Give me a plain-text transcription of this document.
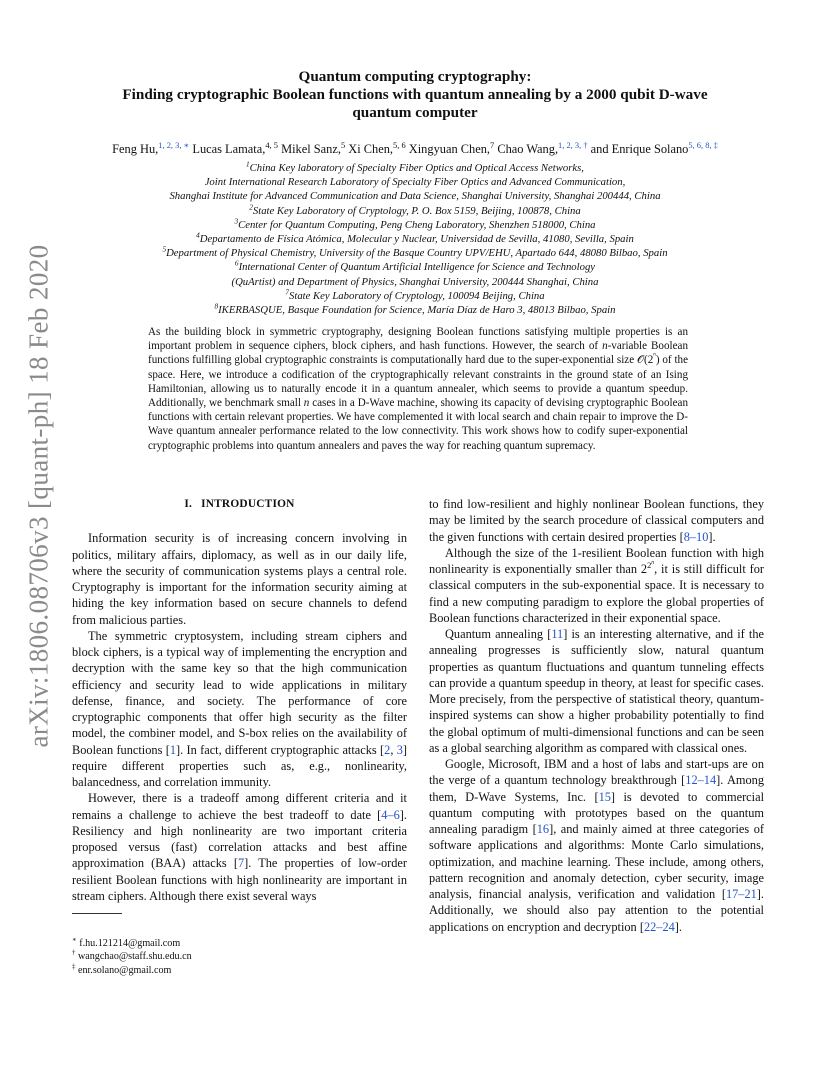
arXiv:1806.08706v3 [quant-ph] 18 Feb 2020
Quantum computing cryptography:
Finding cryptographic Boolean functions with quantum annealing by a 2000 qubit D-wave
quantum computer
Feng Hu,$^{1, 2, 3, ∗}$ Lucas Lamata,$^{4, 5}$ Mikel Sanz,$^5$ Xi Chen,$^{5, 6}$ Xingyuan Chen,$^7$ Chao Wang,$^{1, 2, 3, \dagger}$ and Enrique Solano$^{5, 6, 8, \ddagger}$
$^1$China Key laboratory of Specialty Fiber Optics and Optical Access Networks,
Joint International Research Laboratory of Specialty Fiber Optics and Advanced Communication,
Shanghai Institute for Advanced Communication and Data Science, Shanghai University, Shanghai 200444, China
$^2$State Key Laboratory of Cryptology, P. O. Box 5159, Beijing, 100878, China
$^3$Center for Quantum Computing, Peng Cheng Laboratory, Shenzhen 518000, China
$^4$Departamento de Física Atómica, Molecular y Nuclear, Universidad de Sevilla, 41080, Sevilla, Spain
$^5$Department of Physical Chemistry, University of the Basque Country UPV/EHU, Apartado 644, 48080 Bilbao, Spain
$^6$International Center of Quantum Artificial Intelligence for Science and Technology
(QuArtist) and Department of Physics, Shanghai University, 200444 Shanghai, China
$^7$State Key Laboratory of Cryptology, 100094 Beijing, China
$^8$IKERBASQUE, Basque Foundation for Science, María Díaz de Haro 3, 48013 Bilbao, Spain
As the building block in symmetric cryptography, designing Boolean functions satisfying multiple properties is an important problem in sequence ciphers, block ciphers, and hash functions. However, the search of n-variable Boolean functions fulfilling global cryptographic constraints is computationally hard due to the super-exponential size 𝒪(2$^{^n}$) of the space. Here, we introduce a codification of the cryptographically relevant constraints in the ground state of an Ising Hamiltonian, allowing us to naturally encode it in a quantum annealer, which seems to provide a quantum speedup. Additionally, we benchmark small n cases in a D-Wave machine, showing its capacity of devising cryptographic Boolean functions with certain relevant properties. We have complemented it with local search and chain repair to improve the D-Wave quantum annealer performance related to the low connectivity. This work shows how to codify super-exponential cryptographic problems into quantum annealers and paves the way for reaching quantum supremacy.
I. INTRODUCTION

Information security is of increasing concern involving in politics, military affairs, diplomacy, as well as in our daily life, where the security of communication systems plays a central role. Cryptography is important for the information security aiming at hiding the key information based on secure channels to defend from malicious parties.

The symmetric cryptosystem, including stream ciphers and block ciphers, is a typical way of implementing the encryption and decryption with the same key so that the high communication efficiency and security lead to wide applications in military defense, finance, and society. The performance of core cryptographic components that offer high security as the filter model, the combiner model, and S-box relies on the availability of Boolean functions [1]. In fact, different cryptographic attacks [2, 3] require different properties such as, e.g., nonlinearity, balancedness, and correlation immunity.

However, there is a tradeoff among different criteria and it remains a challenge to achieve the best tradeoff to date [4–6]. Resiliency and high nonlinearity are two important criteria proposed versus (fast) correlation attacks and best affine approximation (BAA) attacks [7]. The properties of low-order resilient Boolean functions with high nonlinearity are important in stream ciphers. Although there exist several ways

to find low-resilient and highly nonlinear Boolean functions, they may be limited by the search procedure of classical computers and the given functions with certain desired properties [8–10].

Although the size of the 1-resilient Boolean function with high nonlinearity is exponentially smaller than $2^{2^n}$, it is still difficult for classical computers in the sub-exponential space. It is necessary to find a new computing paradigm to explore the global properties of Boolean functions characterized in their exponential space.

Quantum annealing [11] is an interesting alternative, and if the annealing progresses is sufficiently slow, natural quantum properties as quantum fluctuations and quantum tunneling effects can provide a quantum speedup in theory, at least for specific cases. More precisely, from the perspective of statistical theory, quantum-inspired systems can show a higher probability potentially to find the global optimum of multi-dimensional functions and can be seen as a global searching algorithm as compared with classical ones.

Google, Microsoft, IBM and a host of labs and start-ups are on the verge of a quantum technology breakthrough [12–14]. Among them, D-Wave Systems, Inc. [15] is devoted to commercial quantum computing with prototypes based on the quantum annealing paradigm [16], and mainly aimed at three categories of software applications and algorithms: Monte Carlo simulations, optimization, and machine learning. These include, among others, pattern recognition and anomaly detection, cyber security, image analysis, financial analysis, verification and validation [17–21]. Additionally, we should also pay attention to the potential applications on encryption and decryption [22–24].

∗ f.hu.121214@gmail.com
† wangchao@staff.shu.edu.cn
‡ enr.solano@gmail.com
